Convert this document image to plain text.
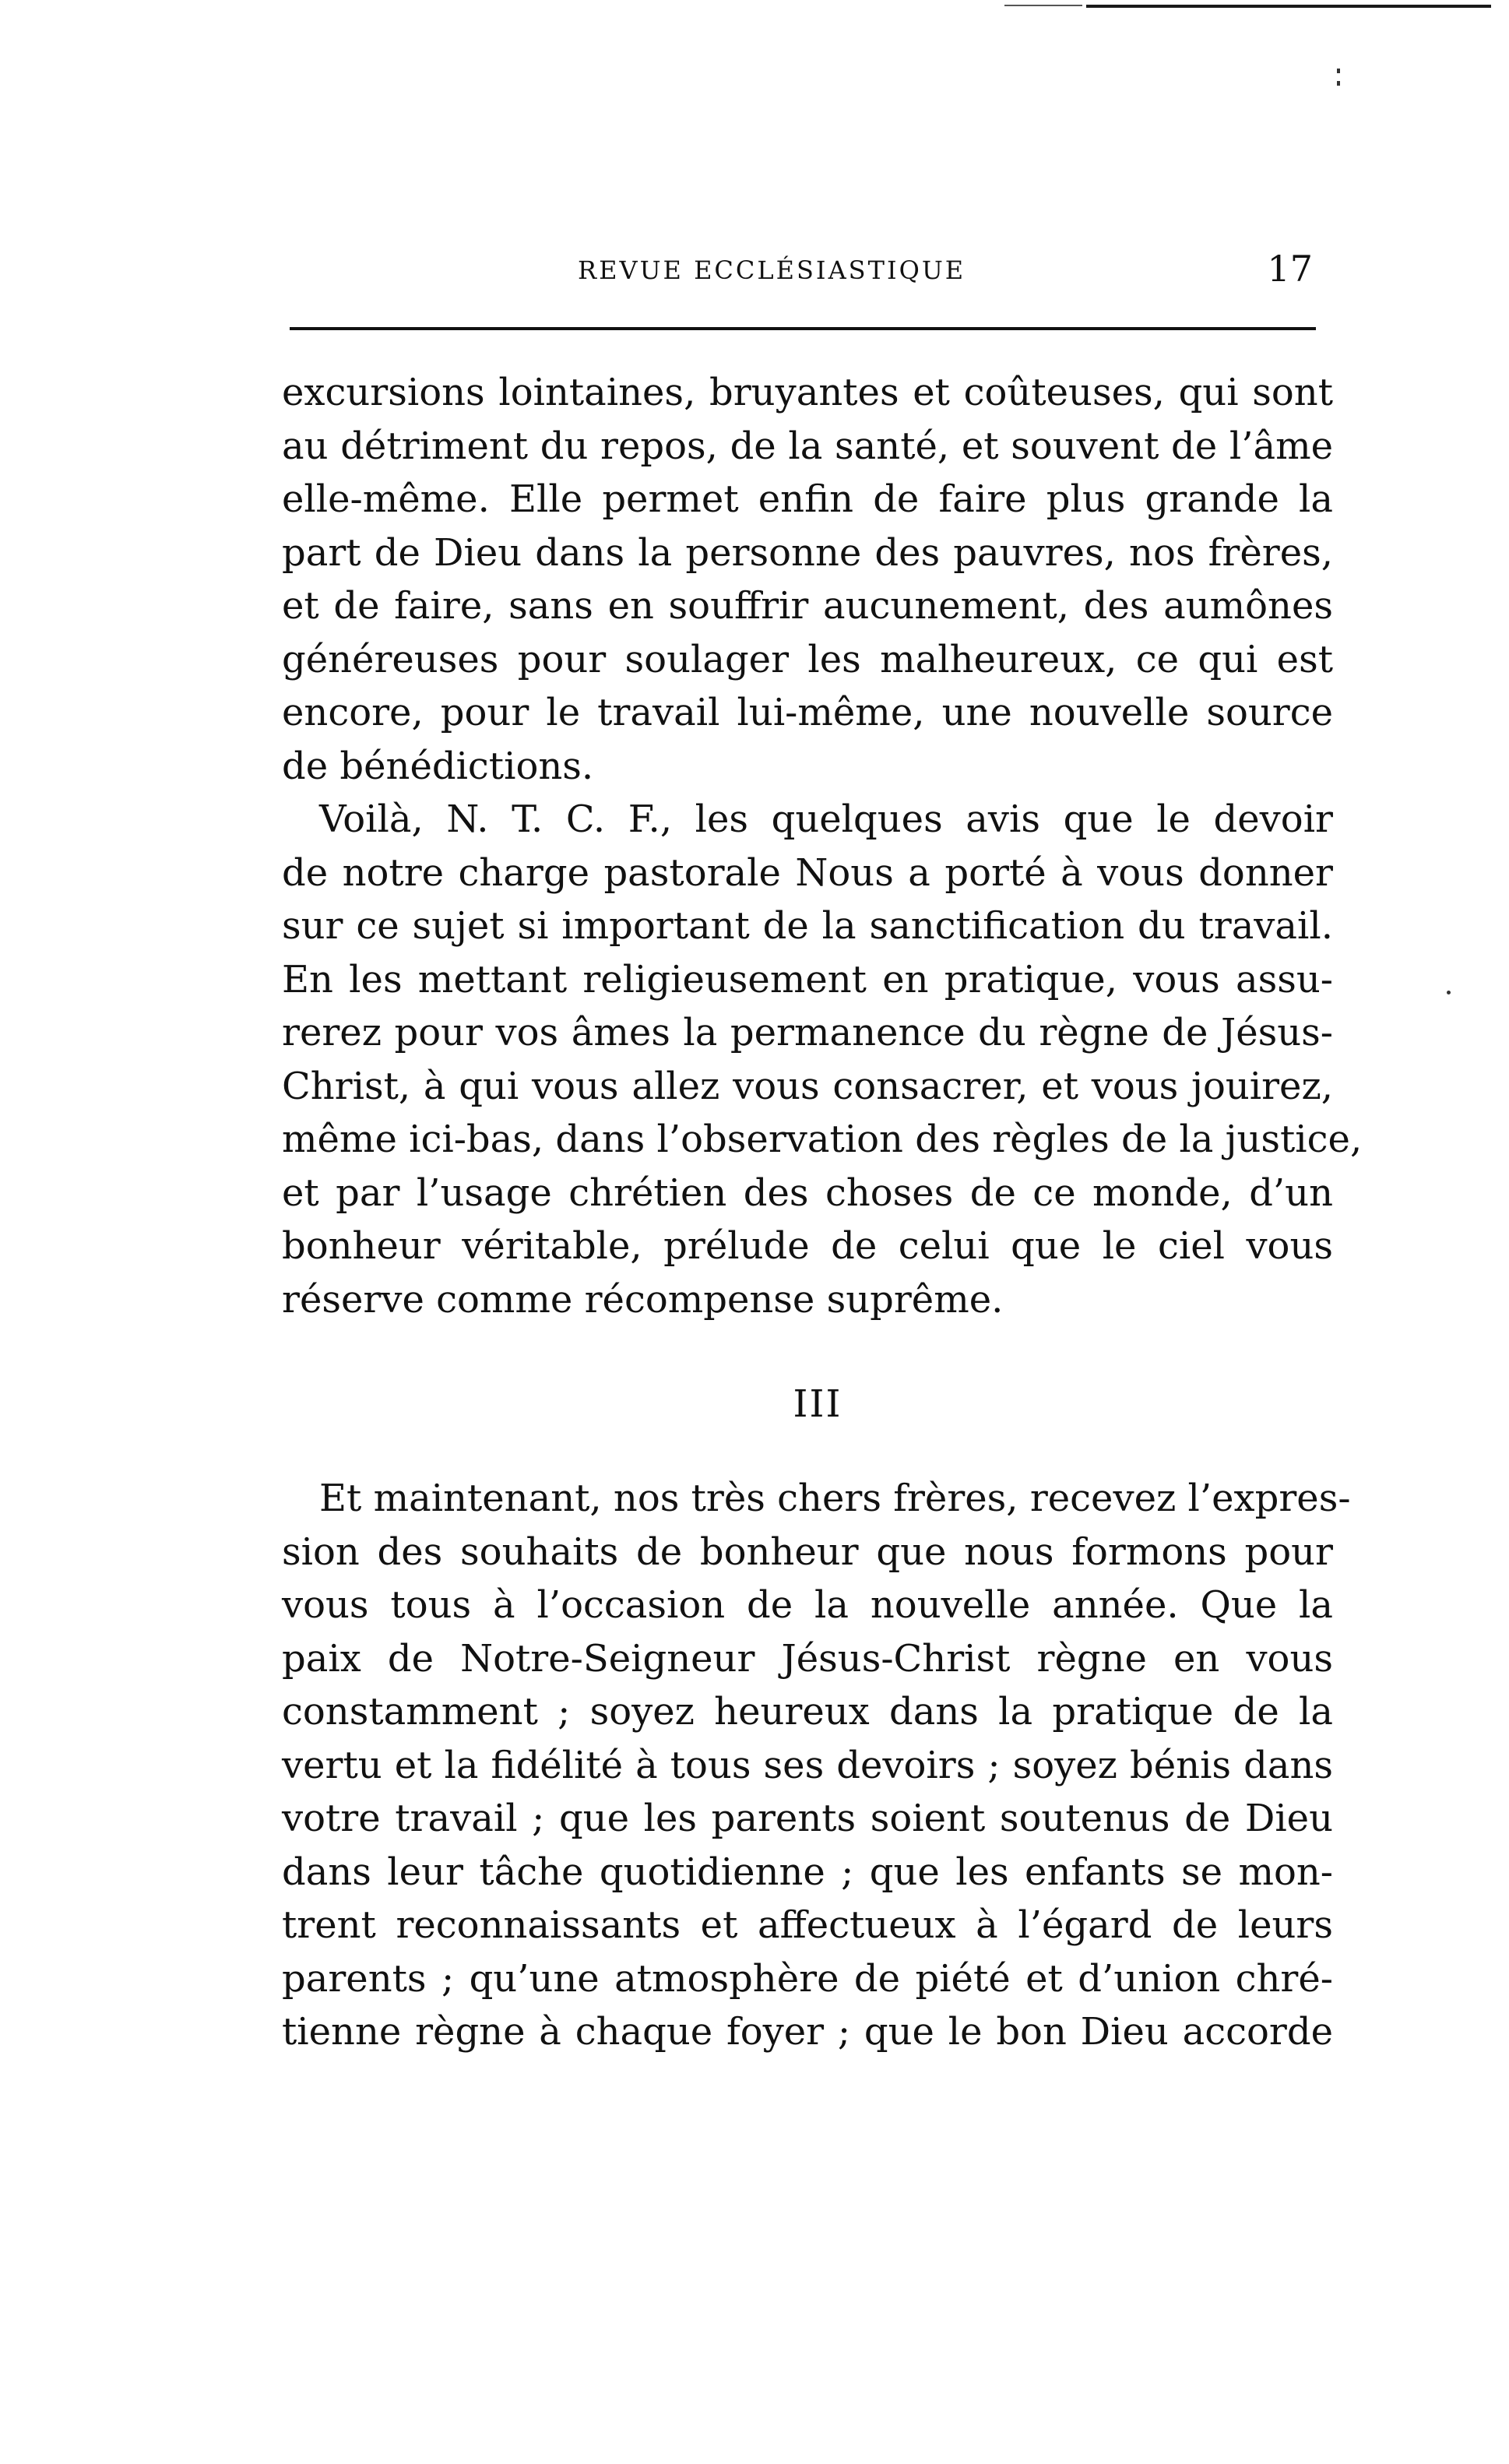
REVUE ECCLÉSIASTIQUE	17
excursions lointaines, bruyantes et coûteuses, qui sont
au détriment du repos, de la santé, et souvent de l’âme
elle-même. Elle permet enfin de faire plus grande la
part de Dieu dans la personne des pauvres, nos frères,
et de faire, sans en souffrir aucunement, des aumônes
généreuses pour soulager les malheureux, ce qui est
encore, pour le travail lui-même, une nouvelle source
de bénédictions.
Voilà, N. T. C. F., les quelques avis que le devoir
de notre charge pastorale Nous a porté à vous donner
sur ce sujet si important de la sanctification du travail.
En les mettant religieusement en pratique, vous assu-
rerez pour vos âmes la permanence du règne de Jésus-
Christ, à qui vous allez vous consacrer, et vous jouirez,
même ici-bas, dans l’observation des règles de la justice,
et par l’usage chrétien des choses de ce monde, d’un
bonheur véritable, prélude de celui que le ciel vous
réserve comme récompense suprême.
III
Et maintenant, nos très chers frères, recevez l’expres-
sion des souhaits de bonheur que nous formons pour
vous tous à l’occasion de la nouvelle année. Que la
paix de Notre-Seigneur Jésus-Christ règne en vous
constamment ; soyez heureux dans la pratique de la
vertu et la fidélité à tous ses devoirs ; soyez bénis dans
votre travail ; que les parents soient soutenus de Dieu
dans leur tâche quotidienne ; que les enfants se mon-
trent reconnaissants et affectueux à l’égard de leurs
parents ; qu’une atmosphère de piété et d’union chré-
tienne règne à chaque foyer ; que le bon Dieu accorde
